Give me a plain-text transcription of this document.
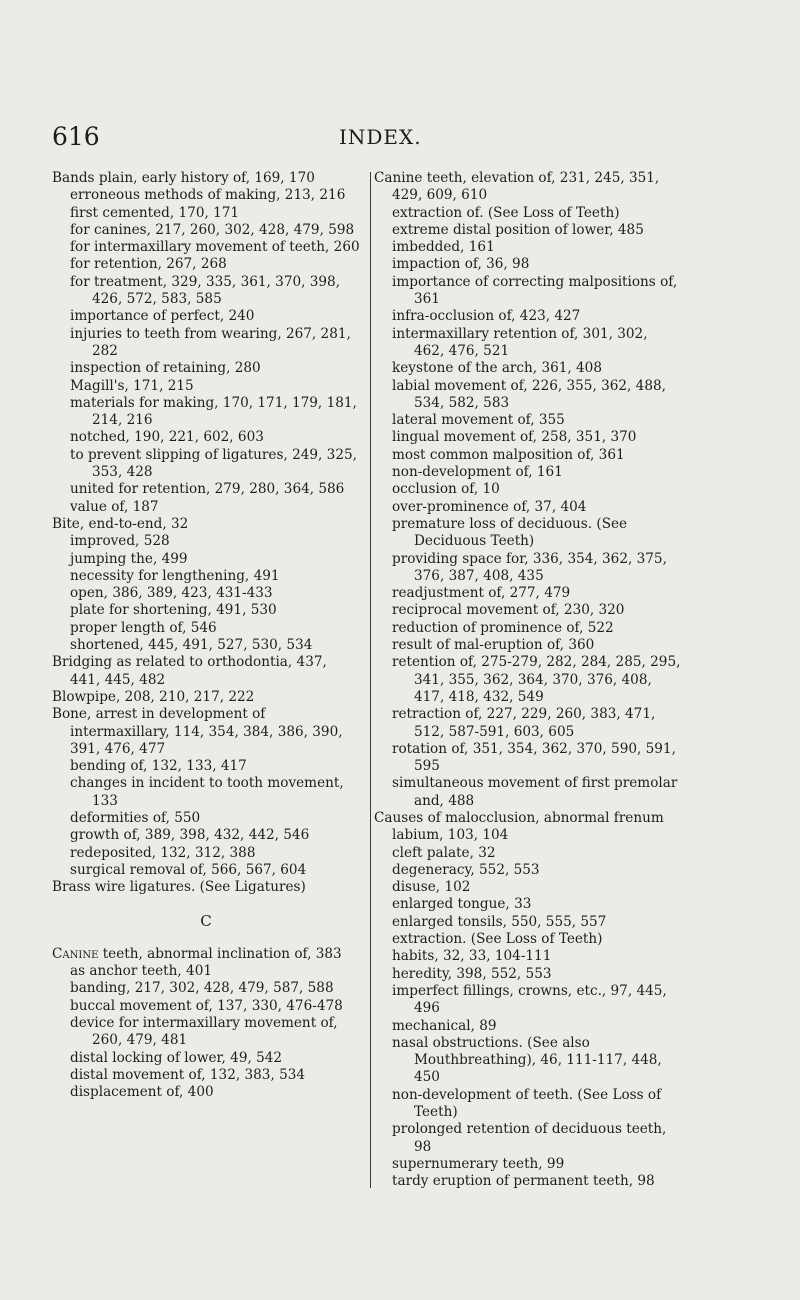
616	INDEX.
Bands plain, early history of, 169, 170
erroneous methods of making, 213, 216
first cemented, 170, 171
for canines, 217, 260, 302, 428, 479, 598
for intermaxillary movement of teeth, 260
for retention, 267, 268
for treatment, 329, 335, 361, 370, 398, 426, 572, 583, 585
importance of perfect, 240
injuries to teeth from wearing, 267, 281, 282
inspection of retaining, 280
Magill's, 171, 215
materials for making, 170, 171, 179, 181, 214, 216
notched, 190, 221, 602, 603
to prevent slipping of ligatures, 249, 325, 353, 428
united for retention, 279, 280, 364, 586
value of, 187
Bite, end-to-end, 32
improved, 528
jumping the, 499
necessity for lengthening, 491
open, 386, 389, 423, 431-433
plate for shortening, 491, 530
proper length of, 546
shortened, 445, 491, 527, 530, 534
Bridging as related to orthodontia, 437, 441, 445, 482
Blowpipe, 208, 210, 217, 222
Bone, arrest in development of intermaxillary, 114, 354, 384, 386, 390, 391, 476, 477
bending of, 132, 133, 417
changes in incident to tooth movement, 133
deformities of, 550
growth of, 389, 398, 432, 442, 546
redeposited, 132, 312, 388
surgical removal of, 566, 567, 604
Brass wire ligatures. (See Ligatures)
C
Canine teeth, abnormal inclination of, 383
as anchor teeth, 401
banding, 217, 302, 428, 479, 587, 588
buccal movement of, 137, 330, 476-478
device for intermaxillary movement of, 260, 479, 481
distal locking of lower, 49, 542
distal movement of, 132, 383, 534
displacement of, 400
Canine teeth, elevation of, 231, 245, 351, 429, 609, 610
extraction of. (See Loss of Teeth)
extreme distal position of lower, 485
imbedded, 161
impaction of, 36, 98
importance of correcting malpositions of, 361
infra-occlusion of, 423, 427
intermaxillary retention of, 301, 302, 462, 476, 521
keystone of the arch, 361, 408
labial movement of, 226, 355, 362, 488, 534, 582, 583
lateral movement of, 355
lingual movement of, 258, 351, 370
most common malposition of, 361
non-development of, 161
occlusion of, 10
over-prominence of, 37, 404
premature loss of deciduous. (See Deciduous Teeth)
providing space for, 336, 354, 362, 375, 376, 387, 408, 435
readjustment of, 277, 479
reciprocal movement of, 230, 320
reduction of prominence of, 522
result of mal-eruption of, 360
retention of, 275-279, 282, 284, 285, 295, 341, 355, 362, 364, 370, 376, 408, 417, 418, 432, 549
retraction of, 227, 229, 260, 383, 471, 512, 587-591, 603, 605
rotation of, 351, 354, 362, 370, 590, 591, 595
simultaneous movement of first premolar and, 488
Causes of malocclusion, abnormal frenum labium, 103, 104
cleft palate, 32
degeneracy, 552, 553
disuse, 102
enlarged tongue, 33
enlarged tonsils, 550, 555, 557
extraction. (See Loss of Teeth)
habits, 32, 33, 104-111
heredity, 398, 552, 553
imperfect fillings, crowns, etc., 97, 445, 496
mechanical, 89
nasal obstructions. (See also Mouthbreathing), 46, 111-117, 448, 450
non-development of teeth. (See Loss of Teeth)
prolonged retention of deciduous teeth, 98
supernumerary teeth, 99
tardy eruption of permanent teeth, 98
